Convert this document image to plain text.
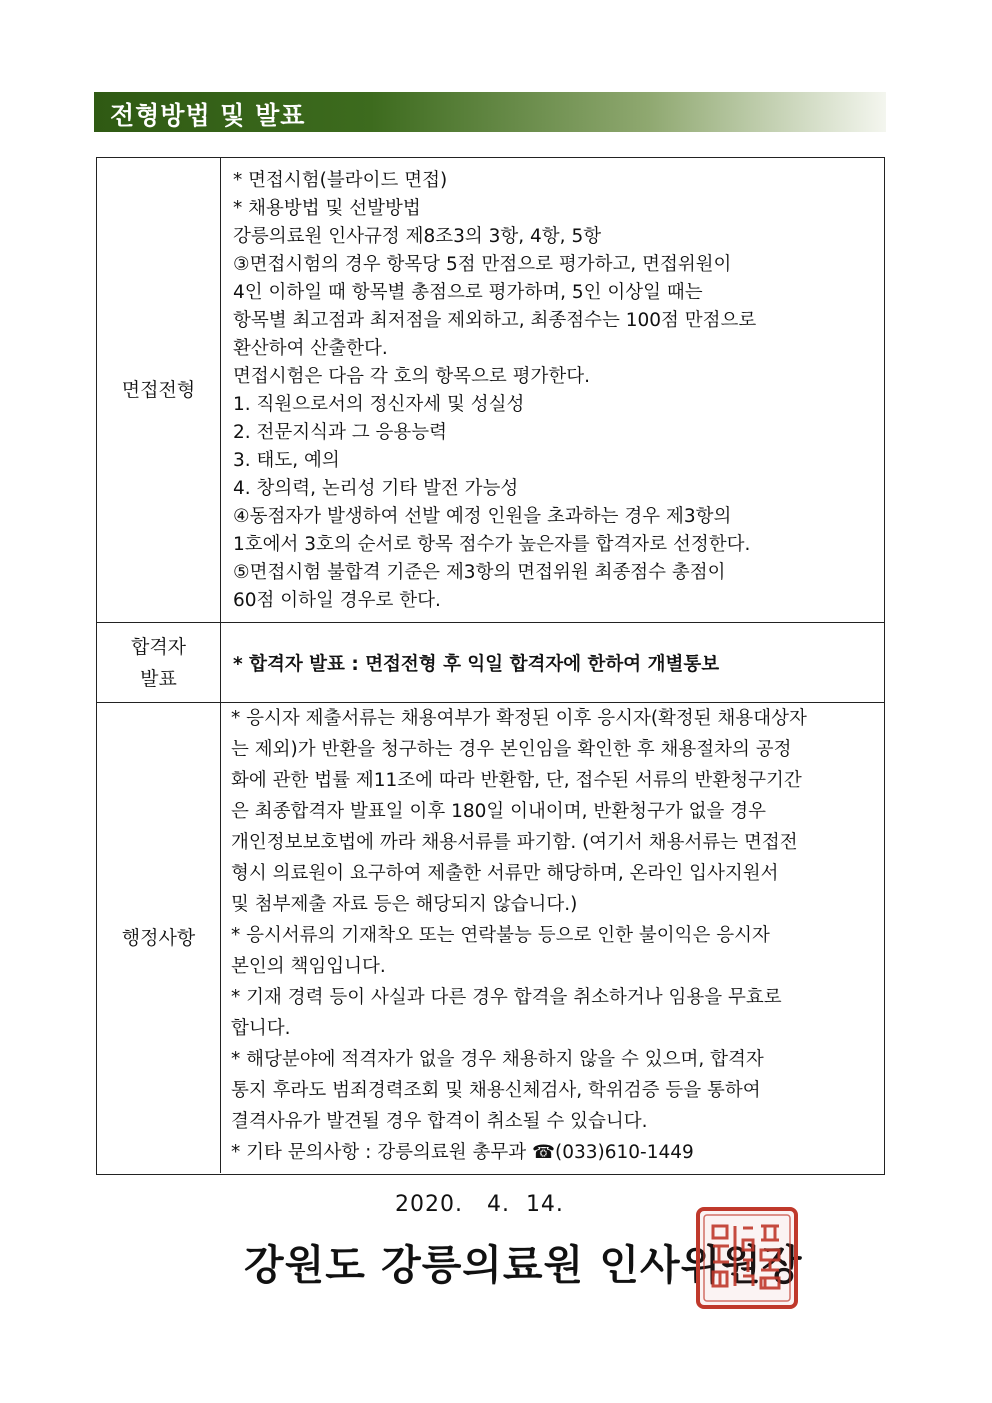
전형방법 및 발표
면접전형
* 면접시험(블라이드 면접)
* 채용방법 및 선발방법
강릉의료원 인사규정 제8조3의 3항, 4항, 5항
③면접시험의 경우 항목당 5점 만점으로 평가하고, 면접위원이
4인 이하일 때 항목별 총점으로 평가하며, 5인 이상일 때는
항목별 최고점과 최저점을 제외하고, 최종점수는 100점 만점으로
환산하여 산출한다.
면접시험은 다음 각 호의 항목으로 평가한다.
1. 직원으로서의 정신자세 및 성실성
2. 전문지식과 그 응용능력
3. 태도, 예의
4. 창의력, 논리성 기타 발전 가능성
④동점자가 발생하여 선발 예정 인원을 초과하는 경우 제3항의
1호에서 3호의 순서로 항목 점수가 높은자를 합격자로 선정한다.
⑤면접시험 불합격 기준은 제3항의 면접위원 최종점수 총점이
60점 이하일 경우로 한다.
합격자
발표
* 합격자 발표 : 면접전형 후 익일 합격자에 한하여 개별통보
행정사항
* 응시자 제출서류는 채용여부가 확정된 이후 응시자(확정된 채용대상자
는 제외)가 반환을 청구하는 경우 본인임을 확인한 후 채용절차의 공정
화에 관한 법률 제11조에 따라 반환함, 단, 접수된 서류의 반환청구기간
은 최종합격자 발표일 이후 180일 이내이며, 반환청구가 없을 경우
개인정보보호법에 까라 채용서류를 파기함. (여기서 채용서류는 면접전
형시 의료원이 요구하여 제출한 서류만 해당하며, 온라인 입사지원서
및 첨부제출 자료 등은 해당되지 않습니다.)
* 응시서류의 기재착오 또는 연락불능 등으로 인한 불이익은 응시자
본인의 책임입니다.
* 기재 경력 등이 사실과 다른 경우 합격을 취소하거나 임용을 무효로
합니다.
* 해당분야에 적격자가 없을 경우 채용하지 않을 수 있으며, 합격자
통지 후라도 범죄경력조회 및 채용신체검사, 학위검증 등을 통하여
결격사유가 발견될 경우 합격이 취소될 수 있습니다.
* 기타 문의사항 : 강릉의료원 총무과 ☎(033)610-1449
2020.   4.  14.
강원도 강릉의료원 인사위원장
